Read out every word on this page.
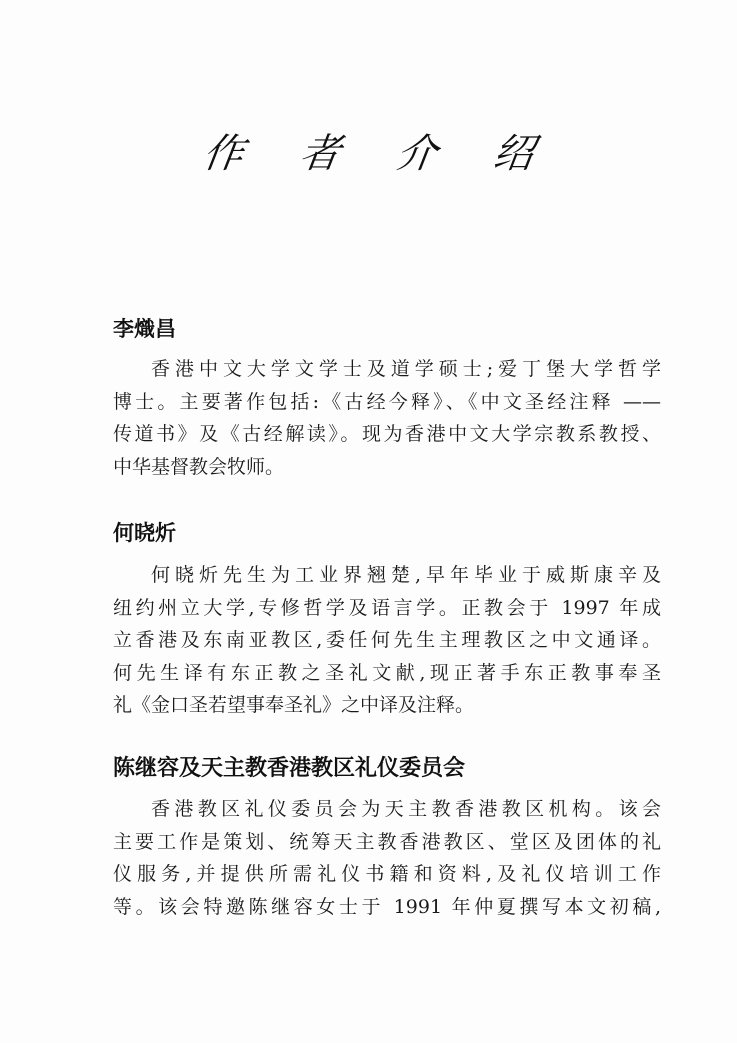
作 者 介 绍
李熾昌

香港中文大学文学士及道学硕士;爱丁堡大学哲学
博士。主要著作包括:《古经今释》、《中文圣经注释 ——
传道书》及《古经解读》。现为香港中文大学宗教系教授、
中华基督教会牧师。

何晓炘

何晓炘先生为工业界翘楚,早年毕业于威斯康辛及
纽约州立大学,专修哲学及语言学。正教会于 1997 年成
立香港及东南亚教区,委任何先生主理教区之中文通译。
何先生译有东正教之圣礼文献,现正著手东正教事奉圣
礼《金口圣若望事奉圣礼》之中译及注释。

陈继容及天主教香港教区礼仪委员会

香港教区礼仪委员会为天主教香港教区机构。该会
主要工作是策划、统筹天主教香港教区、堂区及团体的礼
仪服务,并提供所需礼仪书籍和资料,及礼仪培训工作
等。该会特邀陈继容女士于 1991 年仲夏撰写本文初稿,
